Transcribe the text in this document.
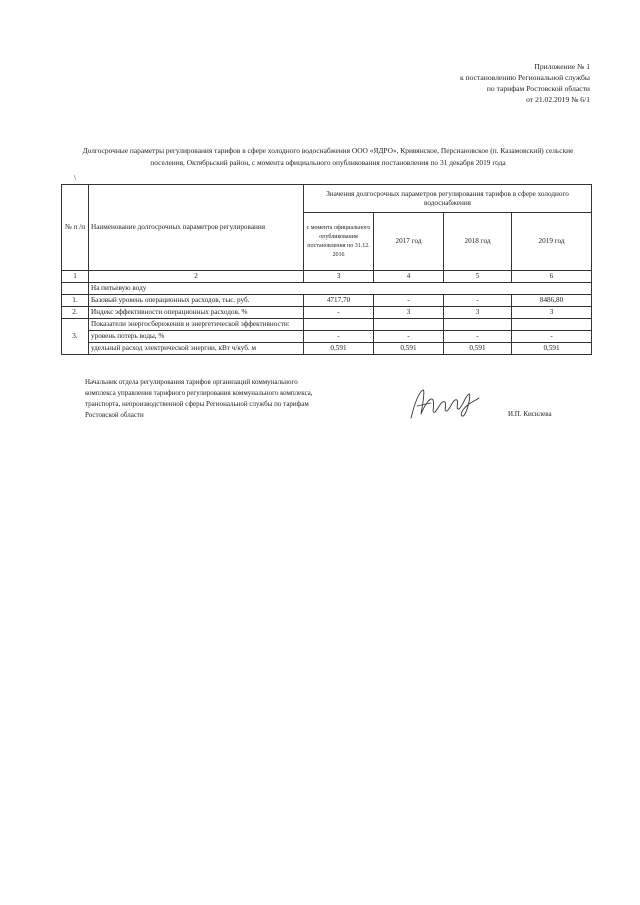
Приложение № 1
к постановлению Региональной службы
по тарифам Ростовской области
от 21.02.2019 № 6/1
Долгосрочные параметры регулирования тарифов в сфере холодного водоснабжения ООО «ЯДРО», Кривянское, Персиановское (п. Казамовский) сельские поселения, Октябрьский район, с момента официального опубликования постановления по 31 декабря 2019 года
\
№ п /п	Наименование долгосрочных параметров регулирования	Значения долгосрочных параметров регулирования тарифов в сфере холодного водоснабжения			
		с момента официального опубликования постановления по 31.12. 2016	2017 год	2018 год	2019 год
1	2	3	4	5	6
	На питьевую воду				
1.	Базовый уровень операционных расходов, тыс. руб.	4717,70	-	-	8486,80
2.	Индекс эффективности операционных расходов, %	-	3	3	3
3.	Показатели энергосбережения и энергетической эффективности:				
	уровень потерь воды, %	-	-	-	-
	удельный расход электрической энергии, кВт ч/куб. м	0,591	0,591	0,591	0,591
Начальник отдела регулирования тарифов организаций коммунального
комплекса управления тарифного регулирования коммунального комплекса,
транспорта, непроизводственной сферы Региональной службы по тарифам
Ростовской области	И.П. Кисилева
